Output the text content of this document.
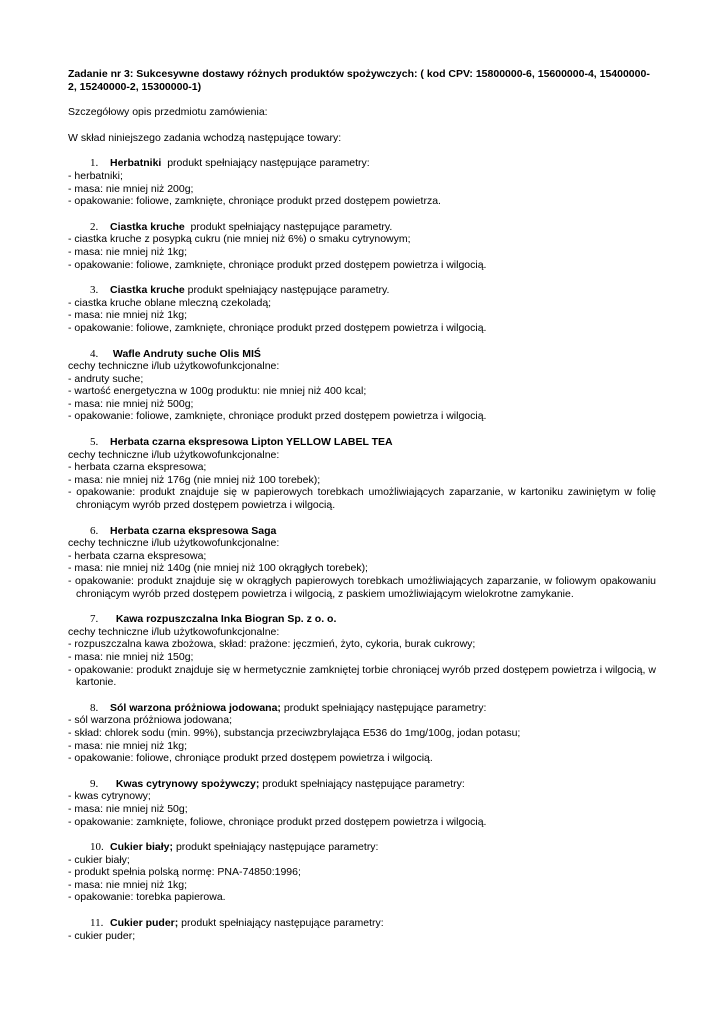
Zadanie nr 3: Sukcesywne dostawy różnych produktów spożywczych: ( kod CPV: 15800000-6, 15600000-4, 15400000-2, 15240000-2, 15300000-1)

Szczegółowy opis przedmiotu zamówienia:

W skład niniejszego zadania wchodzą następujące towary:

1. Herbatniki  produkt spełniający następujące parametry:

- herbatniki;

- masa: nie mniej niż 200g;

- opakowanie: foliowe, zamknięte, chroniące produkt przed dostępem powietrza.

2. Ciastka kruche  produkt spełniający następujące parametry.

- ciastka kruche z posypką cukru (nie mniej niż 6%) o smaku cytrynowym;

- masa: nie mniej niż 1kg;

- opakowanie: foliowe, zamknięte, chroniące produkt przed dostępem powietrza i wilgocią.

3. Ciastka kruche produkt spełniający następujące parametry.

- ciastka kruche oblane mleczną czekoladą;

- masa: nie mniej niż 1kg;

- opakowanie: foliowe, zamknięte, chroniące produkt przed dostępem powietrza i wilgocią.

4. Wafle Andruty suche Olis MIŚ

cechy techniczne i/lub użytkowofunkcjonalne:

- andruty suche;

- wartość energetyczna w 100g produktu: nie mniej niż 400 kcal;

- masa: nie mniej niż 500g;

- opakowanie: foliowe, zamknięte, chroniące produkt przed dostępem powietrza i wilgocią.

5. Herbata czarna ekspresowa Lipton YELLOW LABEL TEA

cechy techniczne i/lub użytkowofunkcjonalne:

- herbata czarna ekspresowa;

- masa: nie mniej niż 176g (nie mniej niż 100 torebek);

- opakowanie: produkt znajduje się w papierowych torebkach umożliwiających zaparzanie, w kartoniku zawiniętym w folię chroniącym wyrób przed dostępem powietrza i wilgocią.

6. Herbata czarna ekspresowa Saga

cechy techniczne i/lub użytkowofunkcjonalne:

- herbata czarna ekspresowa;

- masa: nie mniej niż 140g (nie mniej niż 100 okrągłych torebek);

- opakowanie: produkt znajduje się w okrągłych papierowych torebkach umożliwiających zaparzanie, w foliowym opakowaniu chroniącym wyrób przed dostępem powietrza i wilgocią, z paskiem umożliwiającym wielokrotne zamykanie.

7.  Kawa rozpuszczalna Inka Biogran Sp. z o. o.

cechy techniczne i/lub użytkowofunkcjonalne:

- rozpuszczalna kawa zbożowa, skład: prażone: jęczmień, żyto, cykoria, burak cukrowy;

- masa: nie mniej niż 150g;

- opakowanie: produkt znajduje się w hermetycznie zamkniętej torbie chroniącej wyrób przed dostępem powietrza i wilgocią, w kartonie.

8. Sól warzona próżniowa jodowana; produkt spełniający następujące parametry:

- sól warzona próżniowa jodowana;

- skład: chlorek sodu (min. 99%), substancja przeciwzbrylająca E536 do 1mg/100g, jodan potasu;

- masa: nie mniej niż 1kg;

- opakowanie: foliowe, chroniące produkt przed dostępem powietrza i wilgocią.

9.  Kwas cytrynowy spożywczy; produkt spełniający następujące parametry:

- kwas cytrynowy;

- masa: nie mniej niż 50g;

- opakowanie: zamknięte, foliowe, chroniące produkt przed dostępem powietrza i wilgocią.

10. Cukier biały; produkt spełniający następujące parametry:

- cukier biały;

- produkt spełnia polską normę: PNA-74850:1996;

- masa: nie mniej niż 1kg;

- opakowanie: torebka papierowa.

11. Cukier puder; produkt spełniający następujące parametry:

- cukier puder;
